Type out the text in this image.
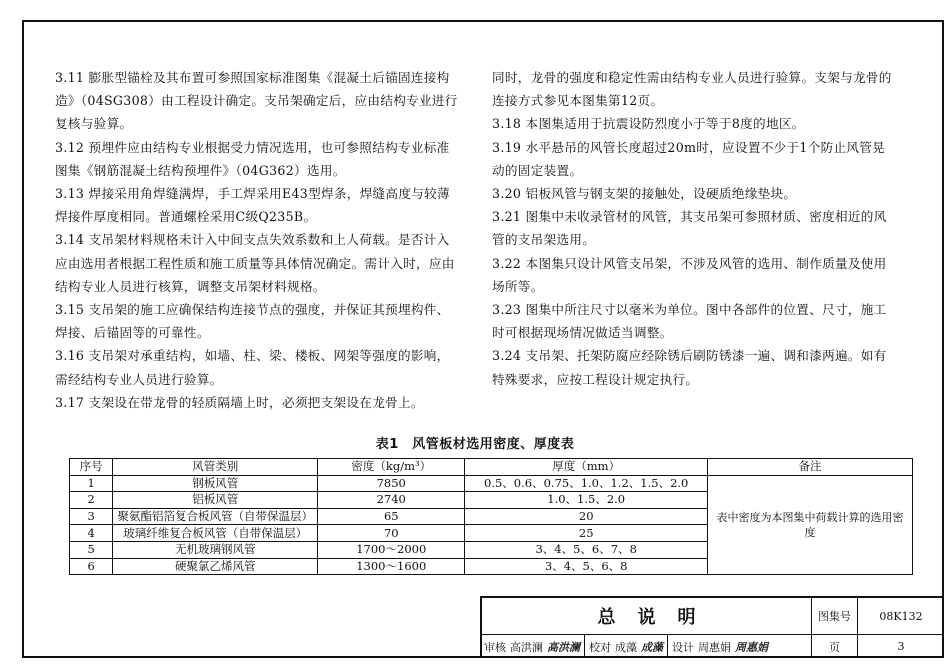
3.11 膨胀型锚栓及其布置可参照国家标准图集《混凝土后锚固连接构造》（04SG308）由工程设计确定。支吊架确定后，应由结构专业进行复核与验算。

3.12 预埋件应由结构专业根据受力情况选用，也可参照结构专业标准图集《钢筋混凝土结构预埋件》（04G362）选用。

3.13 焊接采用角焊缝满焊，手工焊采用E43型焊条，焊缝高度与较薄焊接件厚度相同。普通螺栓采用C级Q235B。

3.14 支吊架材料规格未计入中间支点失效系数和上人荷载。是否计入应由选用者根据工程性质和施工质量等具体情况确定。需计入时，应由结构专业人员进行核算，调整支吊架材料规格。

3.15 支吊架的施工应确保结构连接节点的强度，并保证其预埋构件、焊接、后锚固等的可靠性。

3.16 支吊架对承重结构，如墙、柱、梁、楼板、网架等强度的影响，需经结构专业人员进行验算。

3.17 支架设在带龙骨的轻质隔墙上时，必须把支架设在龙骨上。

同时，龙骨的强度和稳定性需由结构专业人员进行验算。支架与龙骨的连接方式参见本图集第12页。

3.18 本图集适用于抗震设防烈度小于等于8度的地区。

3.19 水平悬吊的风管长度超过20m时，应设置不少于1个防止风管晃动的固定装置。

3.20 铝板风管与钢支架的接触处，设硬质绝缘垫块。

3.21 图集中未收录管材的风管，其支吊架可参照材质、密度相近的风管的支吊架选用。

3.22 本图集只设计风管支吊架，不涉及风管的选用、制作质量及使用场所等。

3.23 图集中所注尺寸以毫米为单位。图中各部件的位置、尺寸，施工时可根据现场情况做适当调整。

3.24 支吊架、托架防腐应经除锈后刷防锈漆一遍、调和漆两遍。如有特殊要求，应按工程设计规定执行。

表1　风管板材选用密度、厚度表
序号	风管类别	密度（kg/m³）	厚度（mm）	备注
1	钢板风管	7850	0.5、0.6、0.75、1.0、1.2、1.5、2.0	表中密度为本图集中荷载计算的选用密度
2	铝板风管	2740	1.0、1.5、2.0	
3	聚氨酯铝箔复合板风管（自带保温层）	65	20	
4	玻璃纤维复合板风管（自带保温层）	70	25	
5	无机玻璃钢风管	1700～2000	3、4、5、6、7、8	
6	硬聚氯乙烯风管	1300～1600	3、4、5、6、8	
总说明	图集号	08K132
页	3
审核 高洪澜 高洪澜 校对 成藻 成藻 设计 周惠娟 周惠娟
